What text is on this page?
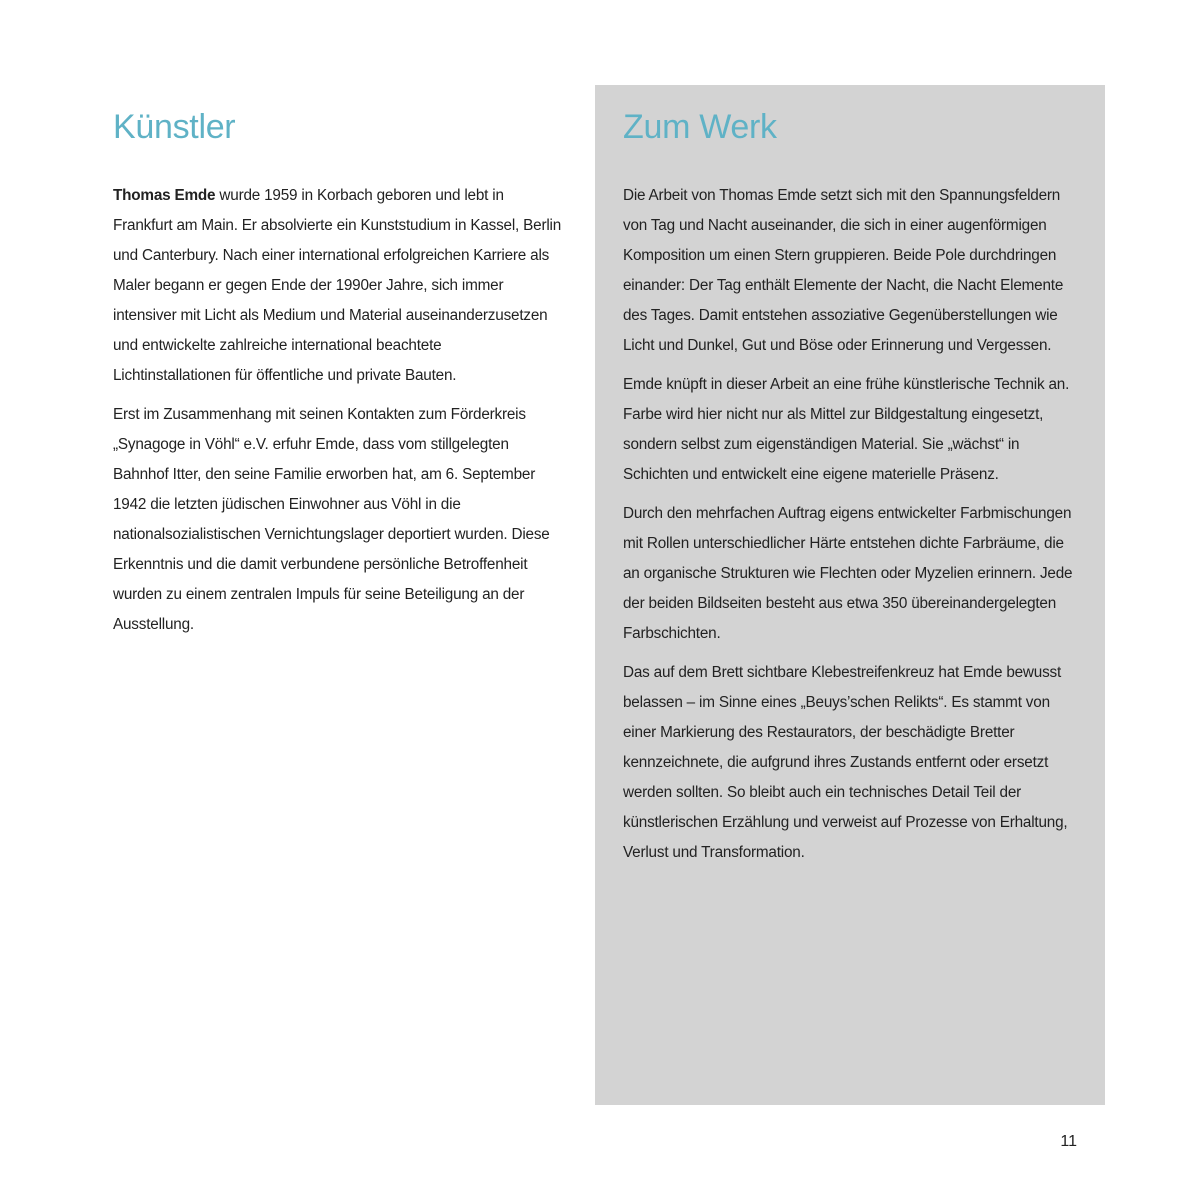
Künstler

Thomas Emde wurde 1959 in Korbach geboren und lebt in Frankfurt am Main. Er absolvierte ein Kunststudium in Kassel, Berlin und Canterbury. Nach einer international erfolgreichen Karriere als Maler begann er gegen Ende der 1990er Jahre, sich immer intensiver mit Licht als Medium und Material auseinanderzusetzen und entwickelte zahlreiche international beachtete Lichtinstallationen für öffentliche und private Bauten.

Erst im Zusammenhang mit seinen Kontakten zum Förderkreis „Synagoge in Vöhl“ e.V. erfuhr Emde, dass vom stillgelegten Bahnhof Itter, den seine Familie erworben hat, am 6. September 1942 die letzten jüdischen Einwohner aus Vöhl in die nationalsozialistischen Vernichtungslager deportiert wurden. Diese Erkenntnis und die damit verbundene persönliche Betroffenheit wurden zu einem zentralen Impuls für seine Beteiligung an der Ausstellung.

Zum Werk

Die Arbeit von Thomas Emde setzt sich mit den Spannungsfeldern von Tag und Nacht auseinander, die sich in einer augenförmigen Komposition um einen Stern gruppieren. Beide Pole durchdringen einander: Der Tag enthält Elemente der Nacht, die Nacht Elemente des Tages. Damit entstehen assoziative Gegenüberstellungen wie Licht und Dunkel, Gut und Böse oder Erinnerung und Vergessen.

Emde knüpft in dieser Arbeit an eine frühe künstlerische Technik an. Farbe wird hier nicht nur als Mittel zur Bildgestaltung eingesetzt, sondern selbst zum eigenständigen Material. Sie „wächst“ in Schichten und entwickelt eine eigene materielle Präsenz.

Durch den mehrfachen Auftrag eigens entwickelter Farbmischungen mit Rollen unterschiedlicher Härte entstehen dichte Farbräume, die an organische Strukturen wie Flechten oder Myzelien erinnern. Jede der beiden Bildseiten besteht aus etwa 350 übereinandergelegten Farbschichten.

Das auf dem Brett sichtbare Klebestreifenkreuz hat Emde bewusst belassen – im Sinne eines „Beuys’schen Relikts“. Es stammt von einer Markierung des Restaurators, der beschädigte Bretter kennzeichnete, die aufgrund ihres Zustands entfernt oder ersetzt werden sollten. So bleibt auch ein technisches Detail Teil der künstlerischen Erzählung und verweist auf Prozesse von Erhaltung, Verlust und Transformation.

11
